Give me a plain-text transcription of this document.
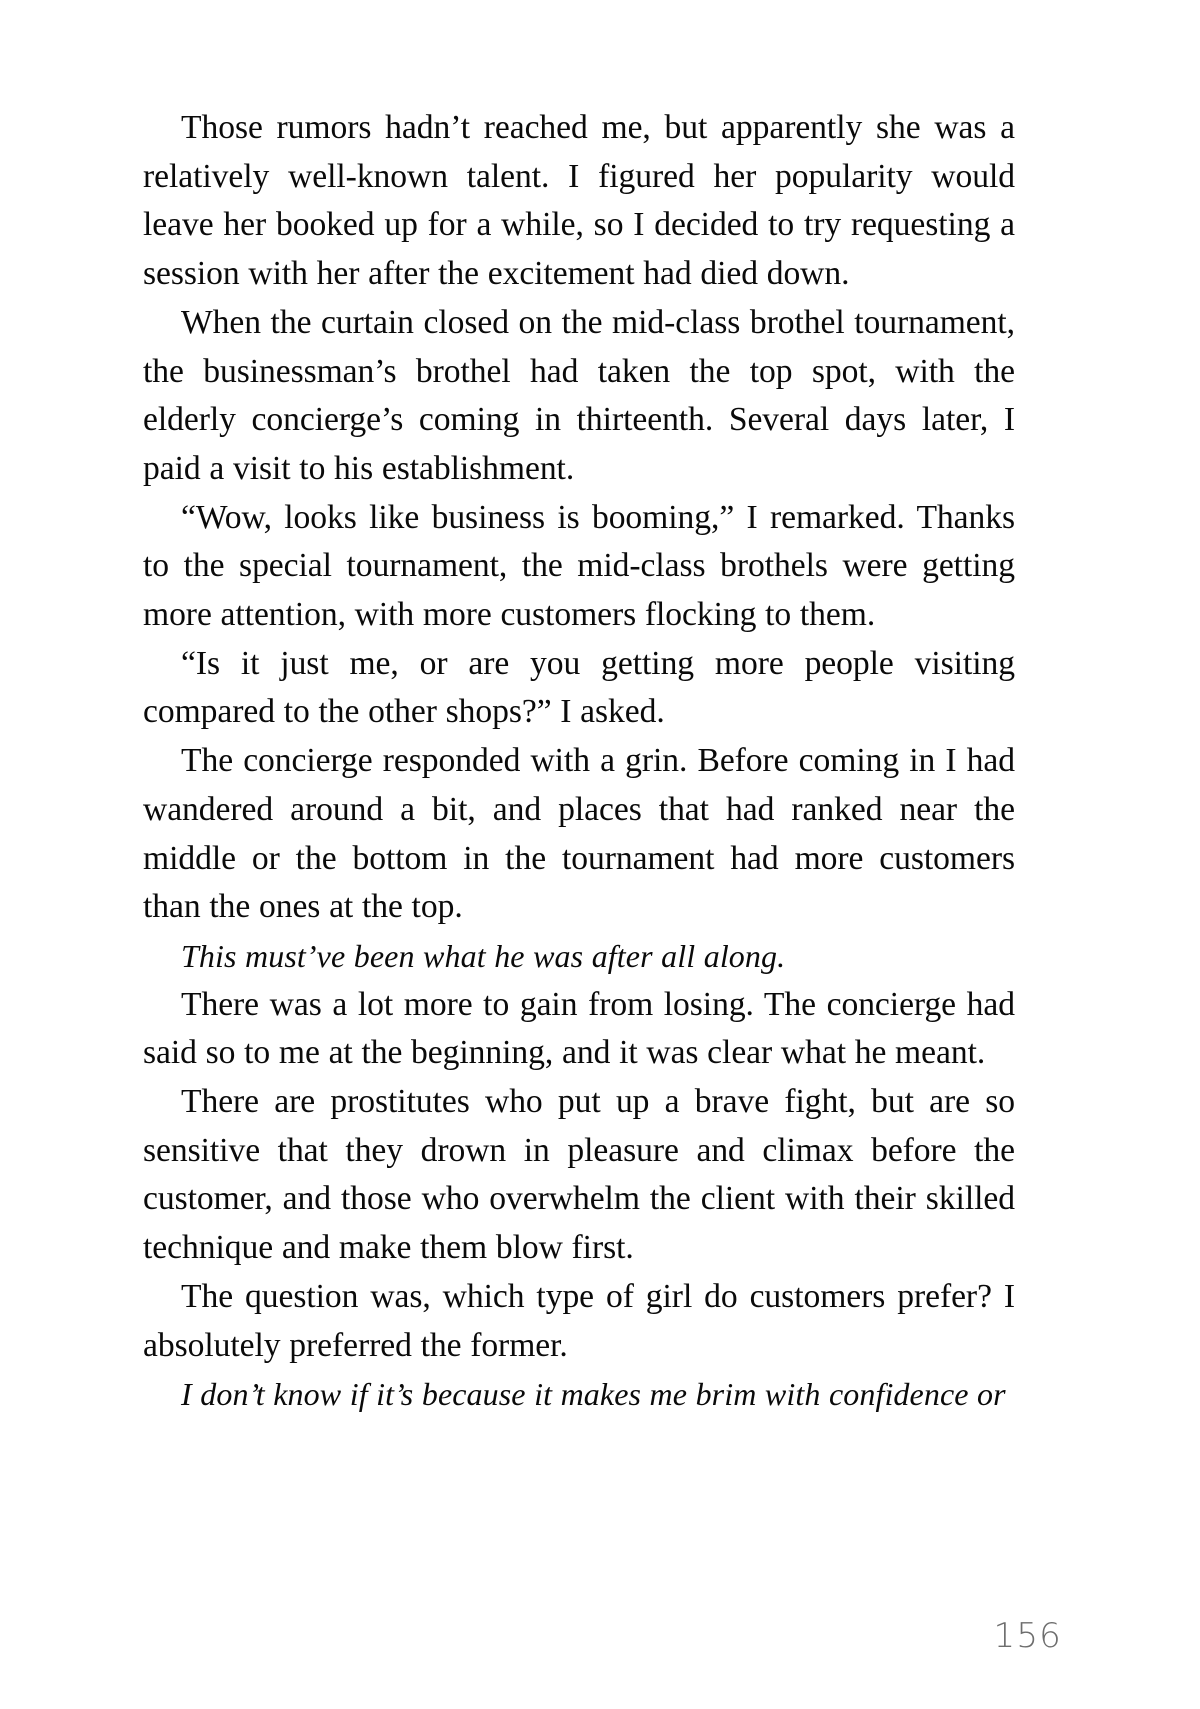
Those rumors hadn’t reached me, but apparently she was a relatively well-known talent. I figured her popularity would leave her booked up for a while, so I decided to try requesting a session with her after the excitement had died down.

When the curtain closed on the mid-class brothel tournament, the businessman’s brothel had taken the top spot, with the elderly concierge’s coming in thirteenth. Several days later, I paid a visit to his establishment.

“Wow, looks like business is booming,” I remarked. Thanks to the special tournament, the mid-class brothels were getting more attention, with more customers flocking to them.

“Is it just me, or are you getting more people visiting compared to the other shops?” I asked.

The concierge responded with a grin. Before coming in I had wandered around a bit, and places that had ranked near the middle or the bottom in the tournament had more customers than the ones at the top.

This must’ve been what he was after all along.

There was a lot more to gain from losing. The concierge had said so to me at the beginning, and it was clear what he meant.

There are prostitutes who put up a brave fight, but are so sensitive that they drown in pleasure and climax before the customer, and those who overwhelm the client with their skilled technique and make them blow first.

The question was, which type of girl do customers prefer? I absolutely preferred the former.

I don’t know if it’s because it makes me brim with confidence or

156
